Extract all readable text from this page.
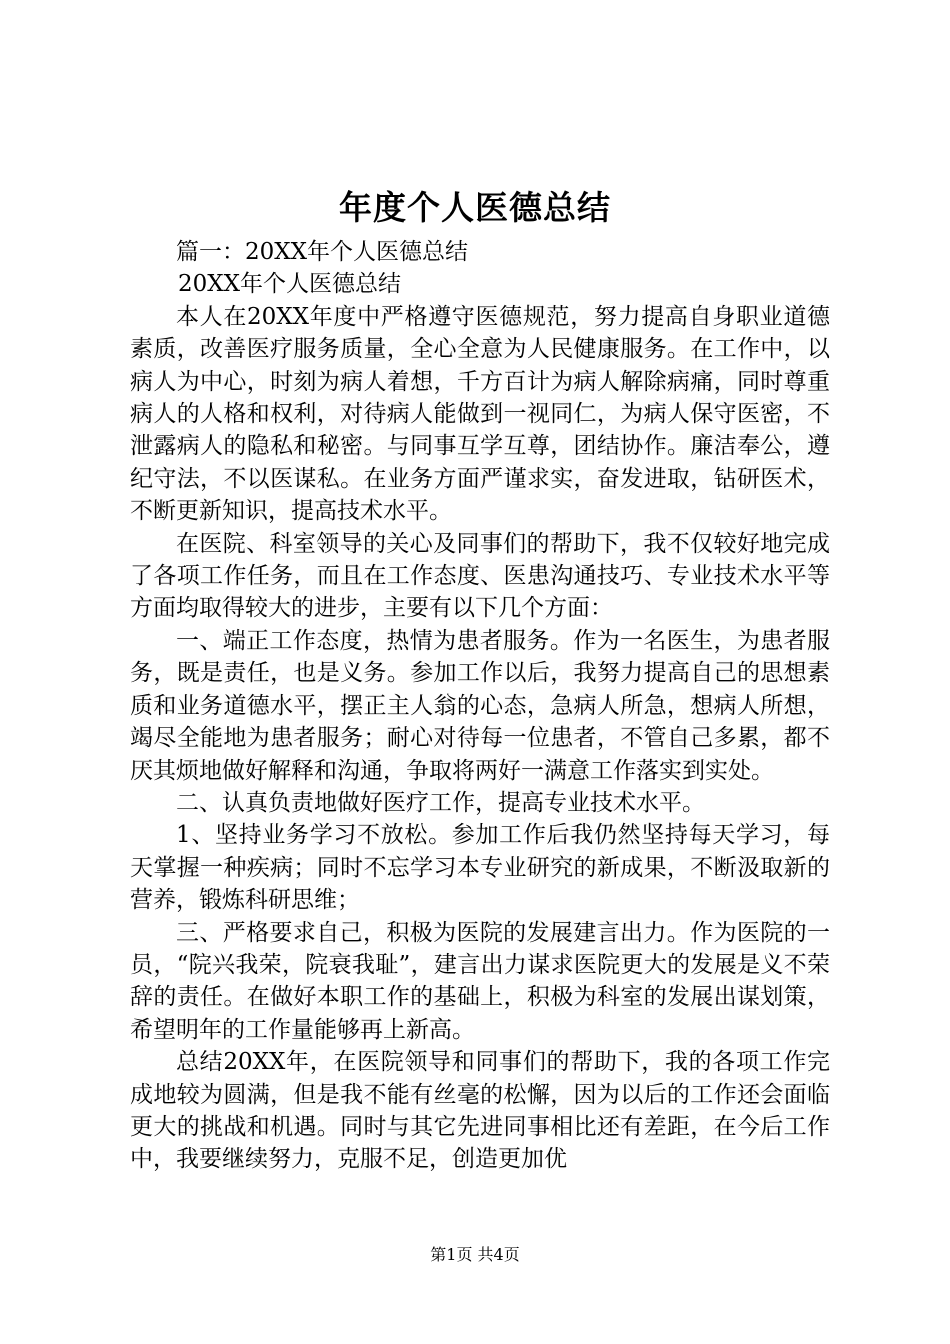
年度个人医德总结

篇一：20XX年个人医德总结

20XX年个人医德总结

本人在20XX年度中严格遵守医德规范，努力提高自身职业道德素质，改善医疗服务质量，全心全意为人民健康服务。在工作中，以病人为中心，时刻为病人着想，千方百计为病人解除病痛，同时尊重病人的人格和权利，对待病人能做到一视同仁，为病人保守医密，不泄露病人的隐私和秘密。与同事互学互尊，团结协作。廉洁奉公，遵纪守法，不以医谋私。在业务方面严谨求实，奋发进取，钻研医术，不断更新知识，提高技术水平。

在医院、科室领导的关心及同事们的帮助下，我不仅较好地完成了各项工作任务，而且在工作态度、医患沟通技巧、专业技术水平等方面均取得较大的进步，主要有以下几个方面：

一、端正工作态度，热情为患者服务。作为一名医生，为患者服务，既是责任，也是义务。参加工作以后，我努力提高自己的思想素质和业务道德水平，摆正主人翁的心态，急病人所急，想病人所想，竭尽全能地为患者服务；耐心对待每一位患者，不管自己多累，都不厌其烦地做好解释和沟通，争取将两好一满意工作落实到实处。

二、认真负责地做好医疗工作，提高专业技术水平。

1、坚持业务学习不放松。参加工作后我仍然坚持每天学习，每天掌握一种疾病；同时不忘学习本专业研究的新成果，不断汲取新的营养，锻炼科研思维；

三、严格要求自己，积极为医院的发展建言出力。作为医院的一员，“院兴我荣，院衰我耻”，建言出力谋求医院更大的发展是义不荣辞的责任。在做好本职工作的基础上，积极为科室的发展出谋划策，希望明年的工作量能够再上新高。

总结20XX年，在医院领导和同事们的帮助下，我的各项工作完成地较为圆满，但是我不能有丝毫的松懈，因为以后的工作还会面临更大的挑战和机遇。同时与其它先进同事相比还有差距，在今后工作中，我要继续努力，克服不足，创造更加优

第1页 共4页
